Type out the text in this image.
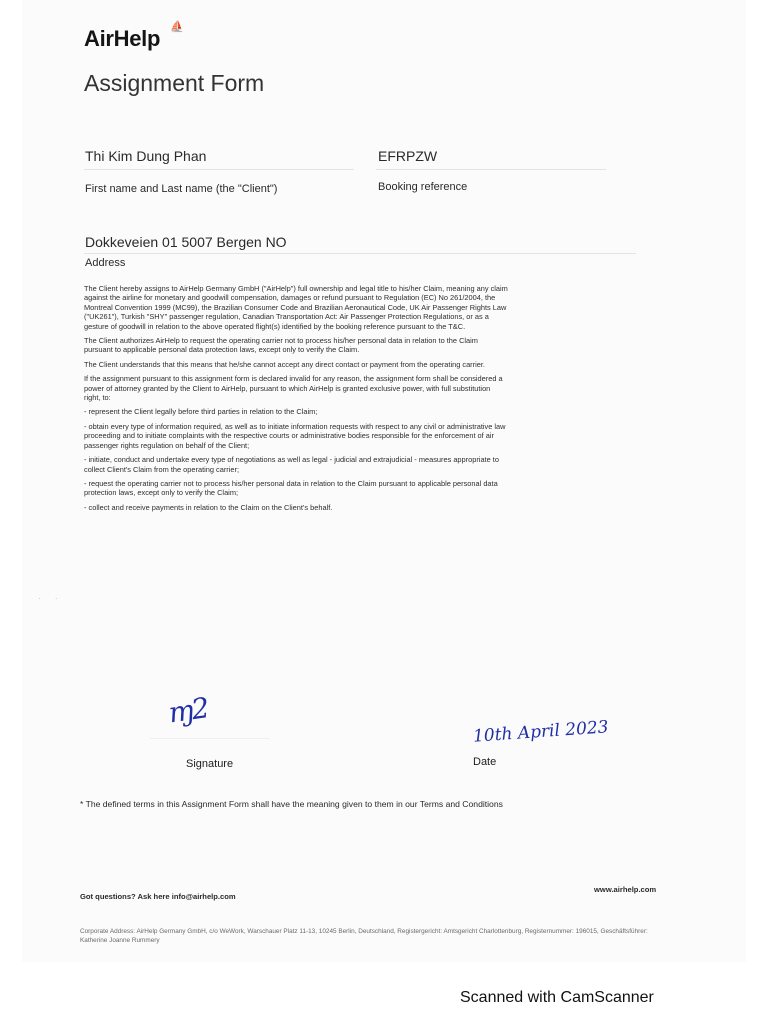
AirHelp ⛵
Assignment Form
Thi Kim Dung Phan
First name and Last name (the "Client")
EFRPZW
Booking reference
Dokkeveien 01 5007 Bergen NO
Address

The Client hereby assigns to AirHelp Germany GmbH ("AirHelp") full ownership and legal title to his/her Claim, meaning any claim against the airline for monetary and goodwill compensation, damages or refund pursuant to Regulation (EC) No 261/2004, the Montreal Convention 1999 (MC99), the Brazilian Consumer Code and Brazilian Aeronautical Code, UK Air Passenger Rights Law ("UK261"), Turkish "SHY" passenger regulation, Canadian Transportation Act: Air Passenger Protection Regulations, or as a gesture of goodwill in relation to the above operated flight(s) identified by the booking reference pursuant to the T&C.

The Client authorizes AirHelp to request the operating carrier not to process his/her personal data in relation to the Claim pursuant to applicable personal data protection laws, except only to verify the Claim.

The Client understands that this means that he/she cannot accept any direct contact or payment from the operating carrier.

If the assignment pursuant to this assignment form is declared invalid for any reason, the assignment form shall be considered a power of attorney granted by the Client to AirHelp, pursuant to which AirHelp is granted exclusive power, with full substitution right, to:

- represent the Client legally before third parties in relation to the Claim;

- obtain every type of information required, as well as to initiate information requests with respect to any civil or administrative law proceeding and to initiate complaints with the respective courts or administrative bodies responsible for the enforcement of air passenger rights regulation on behalf of the Client;

- initiate, conduct and undertake every type of negotiations as well as legal - judicial and extrajudicial - measures appropriate to collect Client's Claim from the operating carrier;

- request the operating carrier not to process his/her personal data in relation to the Claim pursuant to applicable personal data protection laws, except only to verify the Claim;

- collect and receive payments in relation to the Claim on the Client's behalf.

· ·
ɱ2
Signature
10th April 2023
Date
* The defined terms in this Assignment Form shall have the meaning given to them in our Terms and Conditions
Got questions? Ask here info@airhelp.com
www.airhelp.com
Corporate Address: AirHelp Germany GmbH, c/o WeWork, Warschauer Platz 11-13, 10245 Berlin, Deutschland, Registergericht: Amtsgericht Charlottenburg, Registernummer: 196015, Geschäftsführer: Katherine Joanne Rummery
Scanned with CamScanner
